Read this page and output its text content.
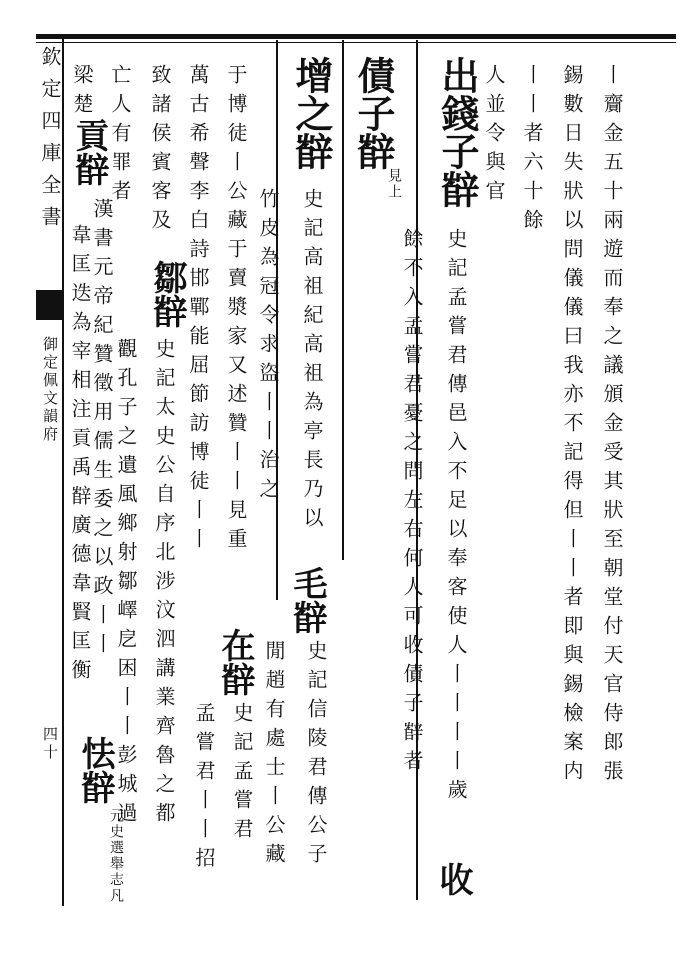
欽定四庫全書
御定佩文韻府
四十	丨齎金五十兩遊而奉之議頒金受其狀至朝堂付天官侍郎張
錫數日失狀以問儀儀曰我亦不記得但丨丨者即與錫檢案内
丨丨者六十餘
人並令與官
出錢子辥
史記孟嘗君傳邑入不足以奉客使人丨丨丨丨歲
收
餘不入孟嘗君憂之問左右何人可收債子辥者
債子辥
見上
增之辥
史記高祖紀高祖為亭長乃以
竹皮為冠令求盜丨丨治之
毛辥
史記信陵君傳公子
于博徒丨公藏于賣漿家又述贊丨丨見重
閒趙有處士丨公藏
萬古希聲李白詩邯鄲能屈節訪博徒丨丨
在辥
史記孟嘗君
致諸侯賓客及
孟嘗君丨丨招
鄒辥
史記太史公自序北涉汶泗講業齊魯之都
亡人有罪者
觀孔子之遺風鄉射鄒嶧戹困丨丨彭城過
梁楚
貢辥
漢書元帝紀贊徵用儒生委之以政丨丨
韋匡迭為宰相注貢禹辥廣德韋賢匡衡
怯辥
元史選舉志凡
